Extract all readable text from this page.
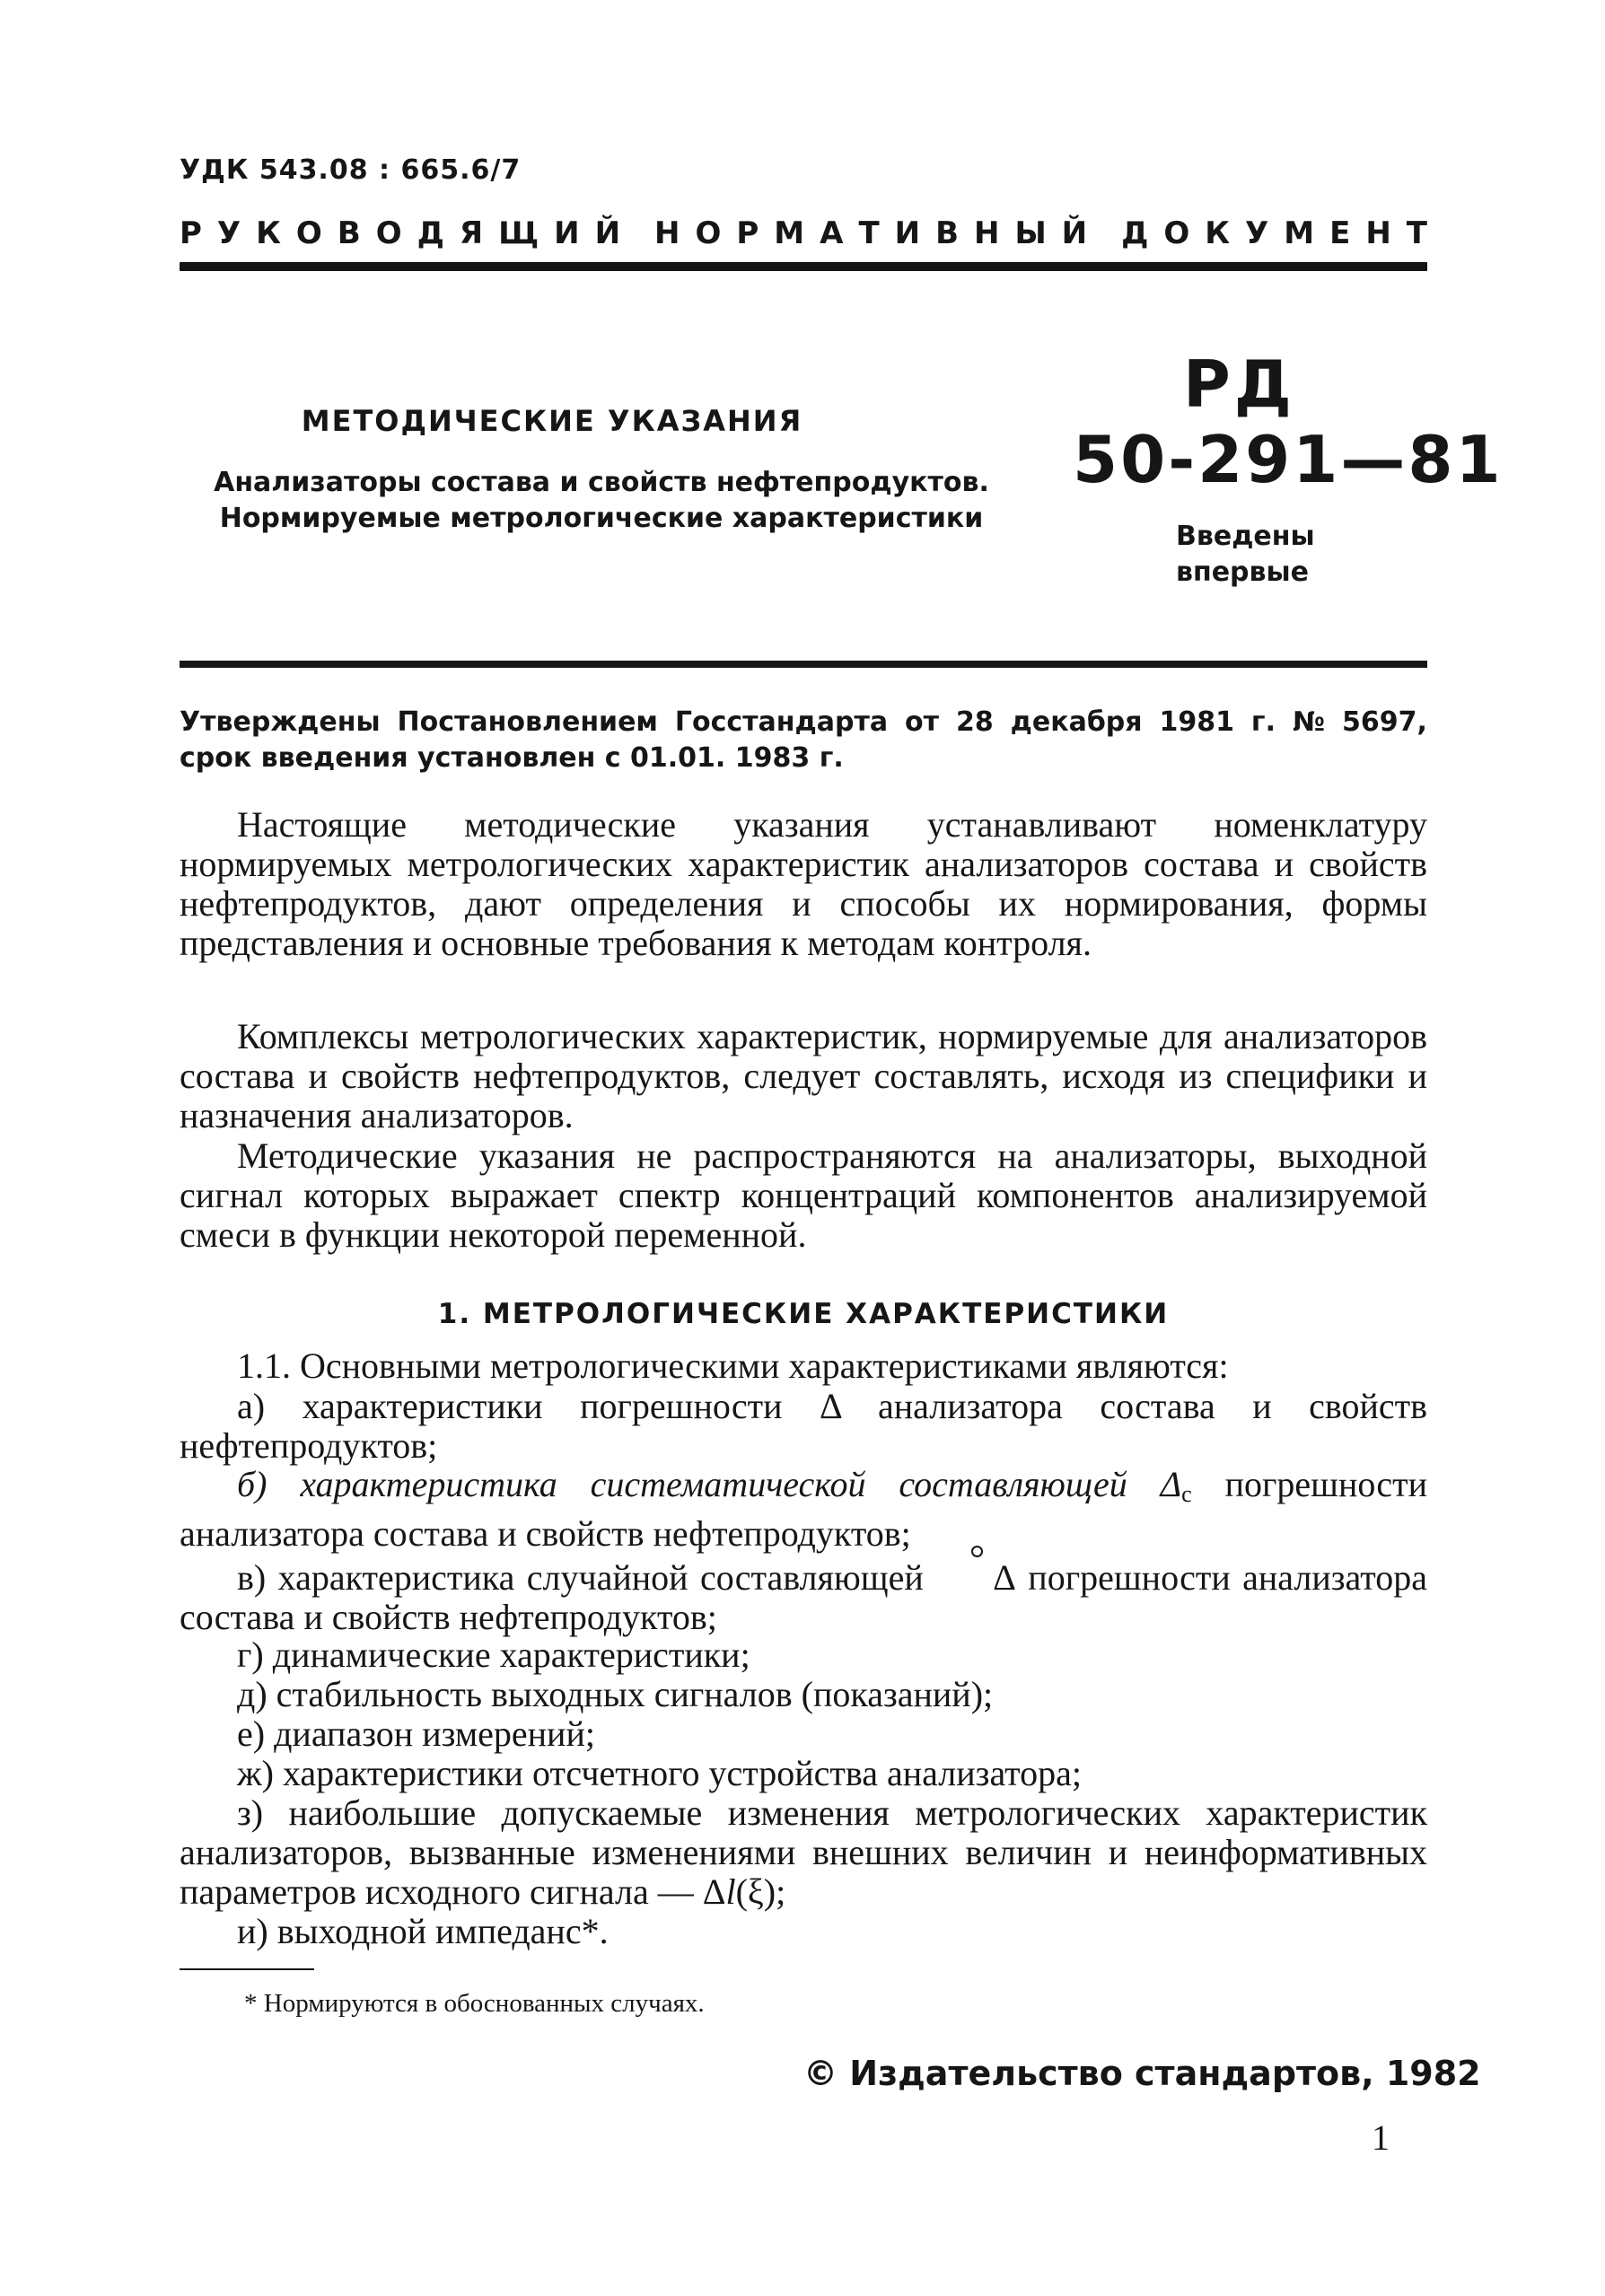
УДК 543.08 : 665.6/7
РУКОВОДЯЩИЙ НОРМАТИВНЫЙ ДОКУМЕНТ
МЕТОДИЧЕСКИЕ УКАЗАНИЯ
Анализаторы состава и свойств нефтепродуктов.
Нормируемые метрологические характеристики
РД
50-291—81
Введены
впервые
Утверждены Постановлением Госстандарта от 28 декабря 1981 г. № 5697,
срок введения установлен с 01.01. 1983 г.
Настоящие методические указания устанавливают номенклатуру нормируемых метрологических характеристик анализаторов состава и свойств нефтепродуктов, дают определения и способы их нормирования, формы представления и основные требования к методам контроля.
Комплексы метрологических характеристик, нормируемые для анализаторов состава и свойств нефтепродуктов, следует составлять, исходя из специфики и назначения анализаторов.
Методические указания не распространяются на анализаторы, выходной сигнал которых выражает спектр концентраций компонентов анализируемой смеси в функции некоторой переменной.
1. МЕТРОЛОГИЧЕСКИЕ ХАРАКТЕРИСТИКИ
1.1. Основными метрологическими характеристиками являются:
а) характеристики погрешности Δ анализатора состава и свойств нефтепродуктов;
б) характеристика систематической составляющей $\Delta_с$ погрешности анализатора состава и свойств нефтепродуктов;
в) характеристика случайной составляющей Δ погрешности анализатора состава и свойств нефтепродуктов;
г) динамические характеристики;
д) стабильность выходных сигналов (показаний);
е) диапазон измерений;
ж) характеристики отсчетного устройства анализатора;
з) наибольшие допускаемые изменения метрологических характеристик анализаторов, вызванные изменениями внешних величин и неинформативных параметров исходного сигнала — Δl(ξ);
и) выходной импеданс*.
* Нормируются в обоснованных случаях.
© Издательство стандартов, 1982
1
